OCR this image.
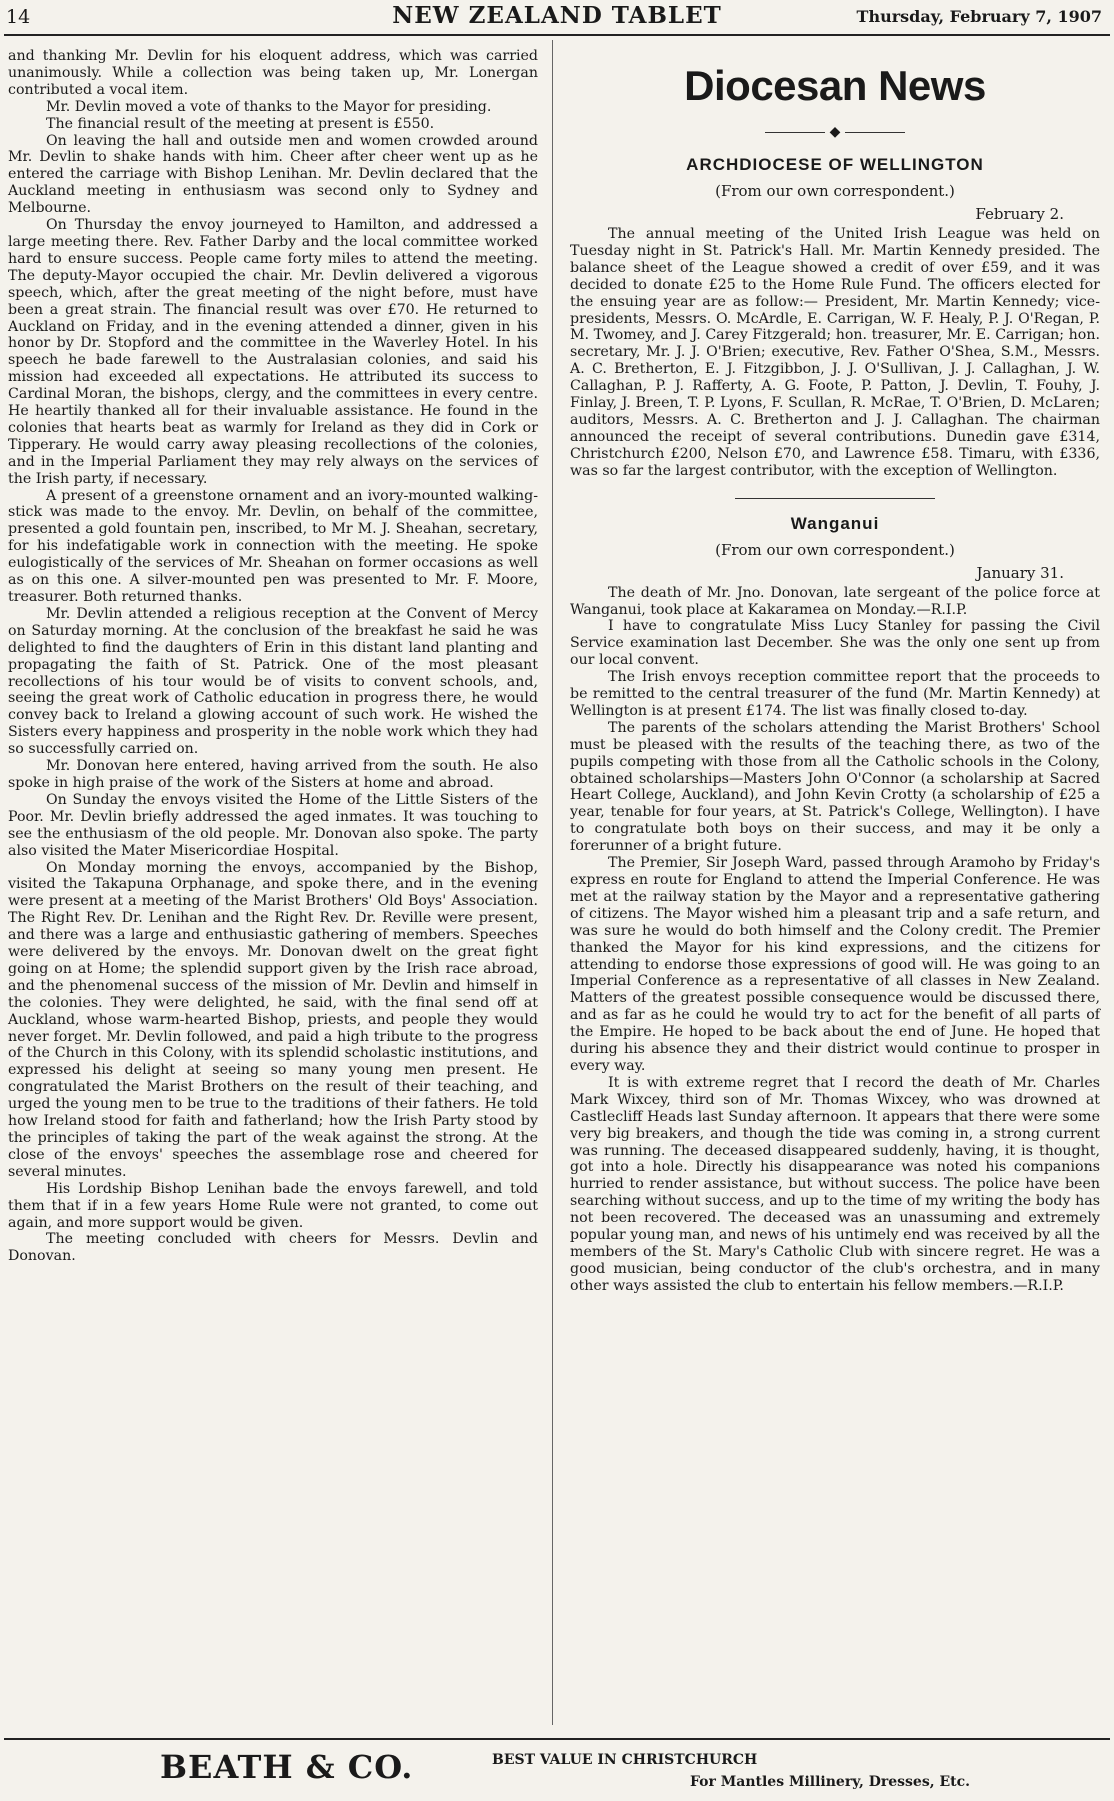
14	NEW ZEALAND TABLET	Thursday, February 7, 1907

and thanking Mr. Devlin for his eloquent address, which was carried unanimously. While a collection was being taken up, Mr. Lonergan contributed a vocal item.

Mr. Devlin moved a vote of thanks to the Mayor for presiding.

The financial result of the meeting at present is £550.

On leaving the hall and outside men and women crowded around Mr. Devlin to shake hands with him. Cheer after cheer went up as he entered the carriage with Bishop Lenihan. Mr. Devlin declared that the Auckland meeting in enthusiasm was second only to Sydney and Melbourne.

On Thursday the envoy journeyed to Hamilton, and addressed a large meeting there. Rev. Father Darby and the local committee worked hard to ensure success. People came forty miles to attend the meeting. The deputy-Mayor occupied the chair. Mr. Devlin delivered a vigorous speech, which, after the great meeting of the night before, must have been a great strain. The financial result was over £70. He returned to Auckland on Friday, and in the evening attended a dinner, given in his honor by Dr. Stopford and the committee in the Waverley Hotel. In his speech he bade farewell to the Australasian colonies, and said his mission had exceeded all expectations. He attributed its success to Cardinal Moran, the bishops, clergy, and the committees in every centre. He heartily thanked all for their invaluable assistance. He found in the colonies that hearts beat as warmly for Ireland as they did in Cork or Tipperary. He would carry away pleasing recollections of the colonies, and in the Imperial Parliament they may rely always on the services of the Irish party, if necessary.

A present of a greenstone ornament and an ivory-mounted walking-stick was made to the envoy. Mr. Devlin, on behalf of the committee, presented a gold fountain pen, inscribed, to Mr M. J. Sheahan, secretary, for his indefatigable work in connection with the meeting. He spoke eulogistically of the services of Mr. Sheahan on former occasions as well as on this one. A silver-mounted pen was presented to Mr. F. Moore, treasurer. Both returned thanks.

Mr. Devlin attended a religious reception at the Convent of Mercy on Saturday morning. At the conclusion of the breakfast he said he was delighted to find the daughters of Erin in this distant land planting and propagating the faith of St. Patrick. One of the most pleasant recollections of his tour would be of visits to convent schools, and, seeing the great work of Catholic education in progress there, he would convey back to Ireland a glowing account of such work. He wished the Sisters every happiness and prosperity in the noble work which they had so successfully carried on.

Mr. Donovan here entered, having arrived from the south. He also spoke in high praise of the work of the Sisters at home and abroad.

On Sunday the envoys visited the Home of the Little Sisters of the Poor. Mr. Devlin briefly addressed the aged inmates. It was touching to see the enthusiasm of the old people. Mr. Donovan also spoke. The party also visited the Mater Misericordiae Hospital.

On Monday morning the envoys, accompanied by the Bishop, visited the Takapuna Orphanage, and spoke there, and in the evening were present at a meeting of the Marist Brothers' Old Boys' Association. The Right Rev. Dr. Lenihan and the Right Rev. Dr. Reville were present, and there was a large and enthusiastic gathering of members. Speeches were delivered by the envoys. Mr. Donovan dwelt on the great fight going on at Home; the splendid support given by the Irish race abroad, and the phenomenal success of the mission of Mr. Devlin and himself in the colonies. They were delighted, he said, with the final send off at Auckland, whose warm-hearted Bishop, priests, and people they would never forget. Mr. Devlin followed, and paid a high tribute to the progress of the Church in this Colony, with its splendid scholastic institutions, and expressed his delight at seeing so many young men present. He congratulated the Marist Brothers on the result of their teaching, and urged the young men to be true to the traditions of their fathers. He told how Ireland stood for faith and fatherland; how the Irish Party stood by the principles of taking the part of the weak against the strong. At the close of the envoys' speeches the assemblage rose and cheered for several minutes.

His Lordship Bishop Lenihan bade the envoys farewell, and told them that if in a few years Home Rule were not granted, to come out again, and more support would be given.

The meeting concluded with cheers for Messrs. Devlin and Donovan.

Diocesan News
◆
ARCHDIOCESE OF WELLINGTON
(From our own correspondent.)
February 2.

The annual meeting of the United Irish League was held on Tuesday night in St. Patrick's Hall. Mr. Martin Kennedy presided. The balance sheet of the League showed a credit of over £59, and it was decided to donate £25 to the Home Rule Fund. The officers elected for the ensuing year are as follow:— President, Mr. Martin Kennedy; vice-presidents, Messrs. O. McArdle, E. Carrigan, W. F. Healy, P. J. O'Regan, P. M. Twomey, and J. Carey Fitzgerald; hon. treasurer, Mr. E. Carrigan; hon. secretary, Mr. J. J. O'Brien; executive, Rev. Father O'Shea, S.M., Messrs. A. C. Bretherton, E. J. Fitzgibbon, J. J. O'Sullivan, J. J. Callaghan, J. W. Callaghan, P. J. Rafferty, A. G. Foote, P. Patton, J. Devlin, T. Fouhy, J. Finlay, J. Breen, T. P. Lyons, F. Scullan, R. McRae, T. O'Brien, D. McLaren; auditors, Messrs. A. C. Bretherton and J. J. Callaghan. The chairman announced the receipt of several contributions. Dunedin gave £314, Christchurch £200, Nelson £70, and Lawrence £58. Timaru, with £336, was so far the largest contributor, with the exception of Wellington.

Wanganui
(From our own correspondent.)
January 31.

The death of Mr. Jno. Donovan, late sergeant of the police force at Wanganui, took place at Kakaramea on Monday.—R.I.P.

I have to congratulate Miss Lucy Stanley for passing the Civil Service examination last December. She was the only one sent up from our local convent.

The Irish envoys reception committee report that the proceeds to be remitted to the central treasurer of the fund (Mr. Martin Kennedy) at Wellington is at present £174. The list was finally closed to-day.

The parents of the scholars attending the Marist Brothers' School must be pleased with the results of the teaching there, as two of the pupils competing with those from all the Catholic schools in the Colony, obtained scholarships—Masters John O'Connor (a scholarship at Sacred Heart College, Auckland), and John Kevin Crotty (a scholarship of £25 a year, tenable for four years, at St. Patrick's College, Wellington). I have to congratulate both boys on their success, and may it be only a forerunner of a bright future.

The Premier, Sir Joseph Ward, passed through Aramoho by Friday's express en route for England to attend the Imperial Conference. He was met at the railway station by the Mayor and a representative gathering of citizens. The Mayor wished him a pleasant trip and a safe return, and was sure he would do both himself and the Colony credit. The Premier thanked the Mayor for his kind expressions, and the citizens for attending to endorse those expressions of good will. He was going to an Imperial Conference as a representative of all classes in New Zealand. Matters of the greatest possible consequence would be discussed there, and as far as he could he would try to act for the benefit of all parts of the Empire. He hoped to be back about the end of June. He hoped that during his absence they and their district would continue to prosper in every way.

It is with extreme regret that I record the death of Mr. Charles Mark Wixcey, third son of Mr. Thomas Wixcey, who was drowned at Castlecliff Heads last Sunday afternoon. It appears that there were some very big breakers, and though the tide was coming in, a strong current was running. The deceased disappeared suddenly, having, it is thought, got into a hole. Directly his disappearance was noted his companions hurried to render assistance, but without success. The police have been searching without success, and up to the time of my writing the body has not been recovered. The deceased was an unassuming and extremely popular young man, and news of his untimely end was received by all the members of the St. Mary's Catholic Club with sincere regret. He was a good musician, being conductor of the club's orchestra, and in many other ways assisted the club to entertain his fellow members.—R.I.P.

BEATH & CO.	BEST VALUE IN CHRISTCHURCH
For Mantles Millinery, Dresses, Etc.
